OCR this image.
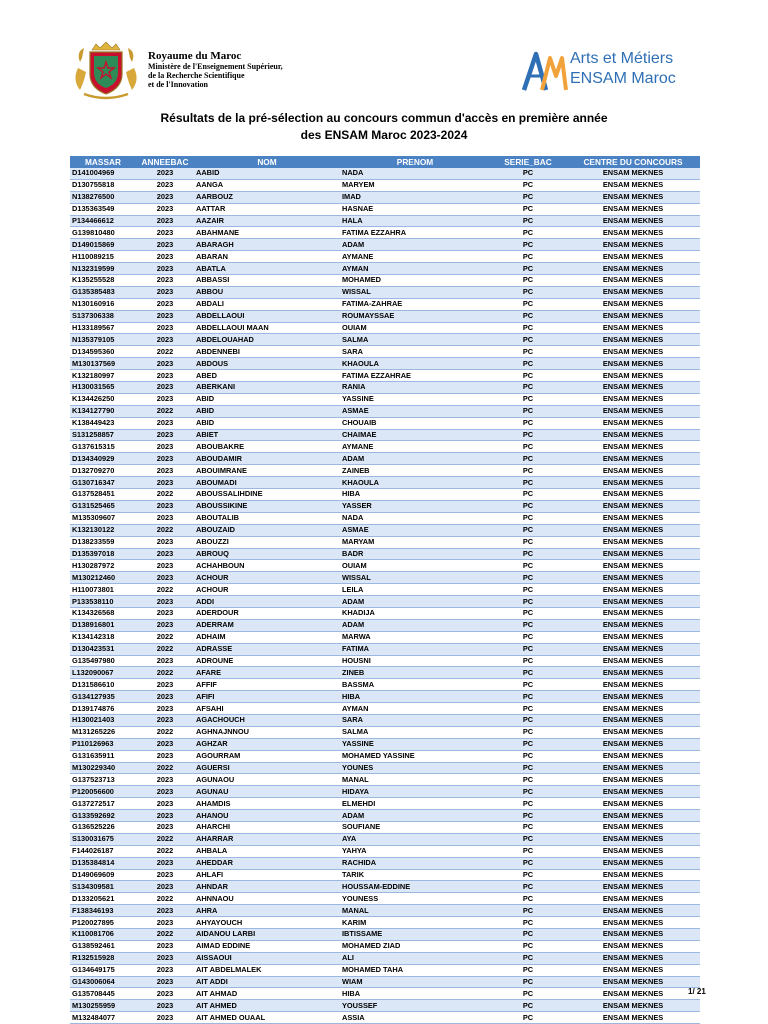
Royaume du Maroc
Ministère de l'Enseignement Supérieur,
de la Recherche Scientifique
et de l'Innovation
Arts et Métiers
ENSAM Maroc
Résultats de la pré-sélection au concours commun d'accès en première année
des ENSAM Maroc 2023-2024
MASSAR	ANNEEBAC	NOM	PRENOM	SERIE_BAC	CENTRE DU CONCOURS
D141004969	2023	AABID	NADA	PC	ENSAM MEKNES
D130755818	2023	AANGA	MARYEM	PC	ENSAM MEKNES
N138276500	2023	AARBOUZ	IMAD	PC	ENSAM MEKNES
D135363549	2023	AATTAR	HASNAE	PC	ENSAM MEKNES
P134466612	2023	AAZAIR	HALA	PC	ENSAM MEKNES
G139810480	2023	ABAHMANE	FATIMA EZZAHRA	PC	ENSAM MEKNES
D149015869	2023	ABARAGH	ADAM	PC	ENSAM MEKNES
H110089215	2023	ABARAN	AYMANE	PC	ENSAM MEKNES
N132319599	2023	ABATLA	AYMAN	PC	ENSAM MEKNES
K135255528	2023	ABBASSI	MOHAMED	PC	ENSAM MEKNES
G135385483	2023	ABBOU	WISSAL	PC	ENSAM MEKNES
N130160916	2023	ABDALI	FATIMA-ZAHRAE	PC	ENSAM MEKNES
S137306338	2023	ABDELLAOUI	ROUMAYSSAE	PC	ENSAM MEKNES
H133189567	2023	ABDELLAOUI MAAN	OUIAM	PC	ENSAM MEKNES
N135379105	2023	ABDELOUAHAD	SALMA	PC	ENSAM MEKNES
D134595360	2022	ABDENNEBI	SARA	PC	ENSAM MEKNES
M130137569	2023	ABDOUS	KHAOULA	PC	ENSAM MEKNES
K132180997	2023	ABED	FATIMA EZZAHRAE	PC	ENSAM MEKNES
H130031565	2023	ABERKANI	RANIA	PC	ENSAM MEKNES
K134426250	2023	ABID	YASSINE	PC	ENSAM MEKNES
K134127790	2022	ABID	ASMAE	PC	ENSAM MEKNES
K138449423	2023	ABID	CHOUAIB	PC	ENSAM MEKNES
S131258857	2023	ABIET	CHAIMAE	PC	ENSAM MEKNES
G137615315	2023	ABOUBAKRE	AYMANE	PC	ENSAM MEKNES
D134340929	2023	ABOUDAMIR	ADAM	PC	ENSAM MEKNES
D132709270	2023	ABOUIMRANE	ZAINEB	PC	ENSAM MEKNES
G130716347	2023	ABOUMADI	KHAOULA	PC	ENSAM MEKNES
G137528451	2022	ABOUSSALIHDINE	HIBA	PC	ENSAM MEKNES
G131525465	2023	ABOUSSIKINE	YASSER	PC	ENSAM MEKNES
M135309607	2023	ABOUTALIB	NADA	PC	ENSAM MEKNES
K132130122	2022	ABOUZAID	ASMAE	PC	ENSAM MEKNES
D138233559	2023	ABOUZZI	MARYAM	PC	ENSAM MEKNES
D135397018	2023	ABROUQ	BADR	PC	ENSAM MEKNES
H130287972	2023	ACHAHBOUN	OUIAM	PC	ENSAM MEKNES
M130212460	2023	ACHOUR	WISSAL	PC	ENSAM MEKNES
H110073801	2022	ACHOUR	LEILA	PC	ENSAM MEKNES
P133538110	2023	ADDI	ADAM	PC	ENSAM MEKNES
K134326568	2023	ADERDOUR	KHADIJA	PC	ENSAM MEKNES
D138916801	2023	ADERRAM	ADAM	PC	ENSAM MEKNES
K134142318	2022	ADHAIM	MARWA	PC	ENSAM MEKNES
D130423531	2022	ADRASSE	FATIMA	PC	ENSAM MEKNES
G135497980	2023	ADROUNE	HOUSNI	PC	ENSAM MEKNES
L132090067	2022	AFARE	ZINEB	PC	ENSAM MEKNES
D131586610	2023	AFFIF	BASSMA	PC	ENSAM MEKNES
G134127935	2023	AFIFI	HIBA	PC	ENSAM MEKNES
D139174876	2023	AFSAHI	AYMAN	PC	ENSAM MEKNES
H130021403	2023	AGACHOUCH	SARA	PC	ENSAM MEKNES
M131265226	2022	AGHNAJNNOU	SALMA	PC	ENSAM MEKNES
P110126963	2023	AGHZAR	YASSINE	PC	ENSAM MEKNES
G131635911	2023	AGOURRAM	MOHAMED YASSINE	PC	ENSAM MEKNES
M130229340	2022	AGUERSI	YOUNES	PC	ENSAM MEKNES
G137523713	2023	AGUNAOU	MANAL	PC	ENSAM MEKNES
P120056600	2023	AGUNAU	HIDAYA	PC	ENSAM MEKNES
G137272517	2023	AHAMDIS	ELMEHDI	PC	ENSAM MEKNES
G133592692	2023	AHANOU	ADAM	PC	ENSAM MEKNES
G136525226	2023	AHARCHI	SOUFIANE	PC	ENSAM MEKNES
S130031675	2022	AHARRAR	AYA	PC	ENSAM MEKNES
F144026187	2022	AHBALA	YAHYA	PC	ENSAM MEKNES
D135384814	2023	AHEDDAR	RACHIDA	PC	ENSAM MEKNES
D149069609	2023	AHLAFI	TARIK	PC	ENSAM MEKNES
S134309581	2023	AHNDAR	HOUSSAM-EDDINE	PC	ENSAM MEKNES
D133205621	2022	AHNNAOU	YOUNESS	PC	ENSAM MEKNES
F138346193	2023	AHRA	MANAL	PC	ENSAM MEKNES
P120027895	2023	AHYAYOUCH	KARIM	PC	ENSAM MEKNES
K110081706	2022	AIDANOU LARBI	IBTISSAME	PC	ENSAM MEKNES
G138592461	2023	AIMAD EDDINE	MOHAMED ZIAD	PC	ENSAM MEKNES
R132515928	2023	AISSAOUI	ALI	PC	ENSAM MEKNES
G134649175	2023	AIT ABDELMALEK	MOHAMED TAHA	PC	ENSAM MEKNES
G143006064	2023	AIT ADDI	WIAM	PC	ENSAM MEKNES
G135708445	2023	AIT AHMAD	HIBA	PC	ENSAM MEKNES
M130255959	2023	AIT AHMED	YOUSSEF	PC	ENSAM MEKNES
M132484077	2023	AIT AHMED OUAAL	ASSIA	PC	ENSAM MEKNES
1/ 21
